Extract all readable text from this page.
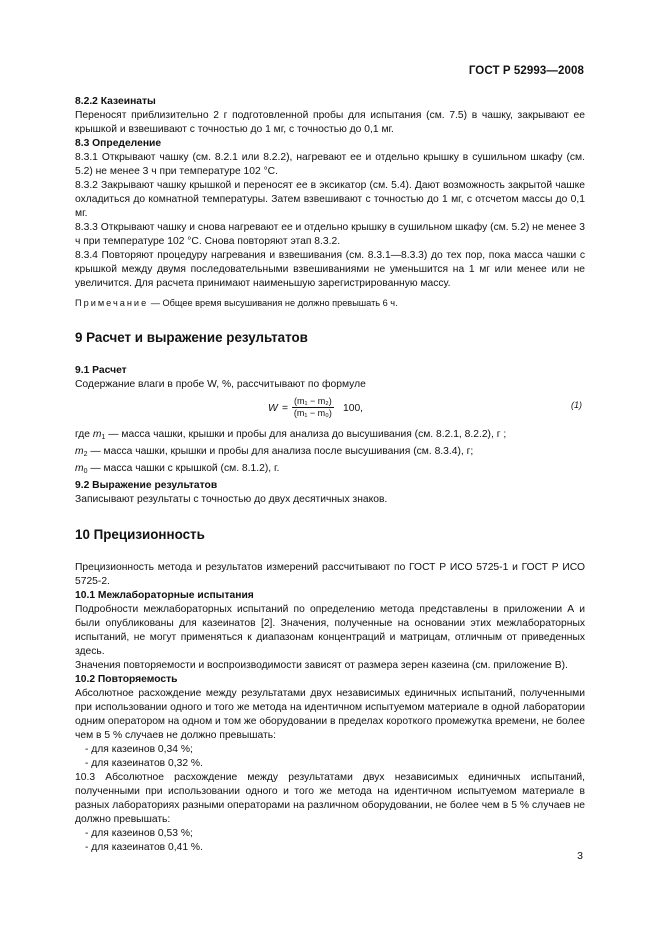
ГОСТ Р 52993—2008

8.2.2 Казеинаты

Переносят приблизительно 2 г подготовленной пробы для испытания (см. 7.5) в чашку, закрывают ее крышкой и взвешивают с точностью до 1 мг, с точностью до 0,1 мг.

8.3 Определение

8.3.1 Открывают чашку (см. 8.2.1 или 8.2.2), нагревают ее и отдельно крышку в сушильном шкафу (см. 5.2) не менее 3 ч при температуре 102 °С.

8.3.2 Закрывают чашку крышкой и переносят ее в эксикатор (см. 5.4). Дают возможность закрытой чашке охладиться до комнатной температуры. Затем взвешивают с точностью до 1 мг, с отсчетом массы до 0,1 мг.

8.3.3 Открывают чашку и снова нагревают ее и отдельно крышку в сушильном шкафу (см. 5.2) не менее 3 ч при температуре 102 °С. Снова повторяют этап 8.3.2.

8.3.4 Повторяют процедуру нагревания и взвешивания (см. 8.3.1—8.3.3) до тех пор, пока масса чашки с крышкой между двумя последовательными взвешиваниями не уменьшится на 1 мг или менее или не увеличится. Для расчета принимают наименьшую зарегистрированную массу.

Примечание — Общее время высушивания не должно превышать 6 ч.

9 Расчет и выражение результатов

9.1 Расчет

Содержание влаги в пробе W, %, рассчитывают по формуле

$W = \frac{\text{(m₁ − m₂)}}{\text{(m₁ − m₀)}} 100$,	(1)

где $m_1$ — масса чашки, крышки и пробы для анализа до высушивания (см. 8.2.1, 8.2.2), г ;

$m_2$ — масса чашки, крышки и пробы для анализа после высушивания (см. 8.3.4), г;

$m_0$ — масса чашки с крышкой (см. 8.1.2), г.

9.2 Выражение результатов

Записывают результаты с точностью до двух десятичных знаков.

10 Прецизионность

Прецизионность метода и результатов измерений рассчитывают по ГОСТ Р ИСО 5725-1 и ГОСТ Р ИСО 5725-2.

10.1 Межлабораторные испытания

Подробности межлабораторных испытаний по определению метода представлены в приложении А и были опубликованы для казеинатов [2]. Значения, полученные на основании этих межлабораторных испытаний, не могут применяться к диапазонам концентраций и матрицам, отличным от приведенных здесь.

Значения повторяемости и воспроизводимости зависят от размера зерен казеина (см. приложение В).

10.2 Повторяемость

Абсолютное расхождение между результатами двух независимых единичных испытаний, полученными при использовании одного и того же метода на идентичном испытуемом материале в одной лаборатории одним оператором на одном и том же оборудовании в пределах короткого промежутка времени, не более чем в 5 % случаев не должно превышать:

- для казеинов 0,34 %;

- для казеинатов 0,32 %.

10.3 Абсолютное расхождение между результатами двух независимых единичных испытаний, полученными при использовании одного и того же метода на идентичном испытуемом материале в разных лабораториях разными операторами на различном оборудовании, не более чем в 5 % случаев не должно превышать:

- для казеинов 0,53 %;

- для казеинатов 0,41 %.

3
